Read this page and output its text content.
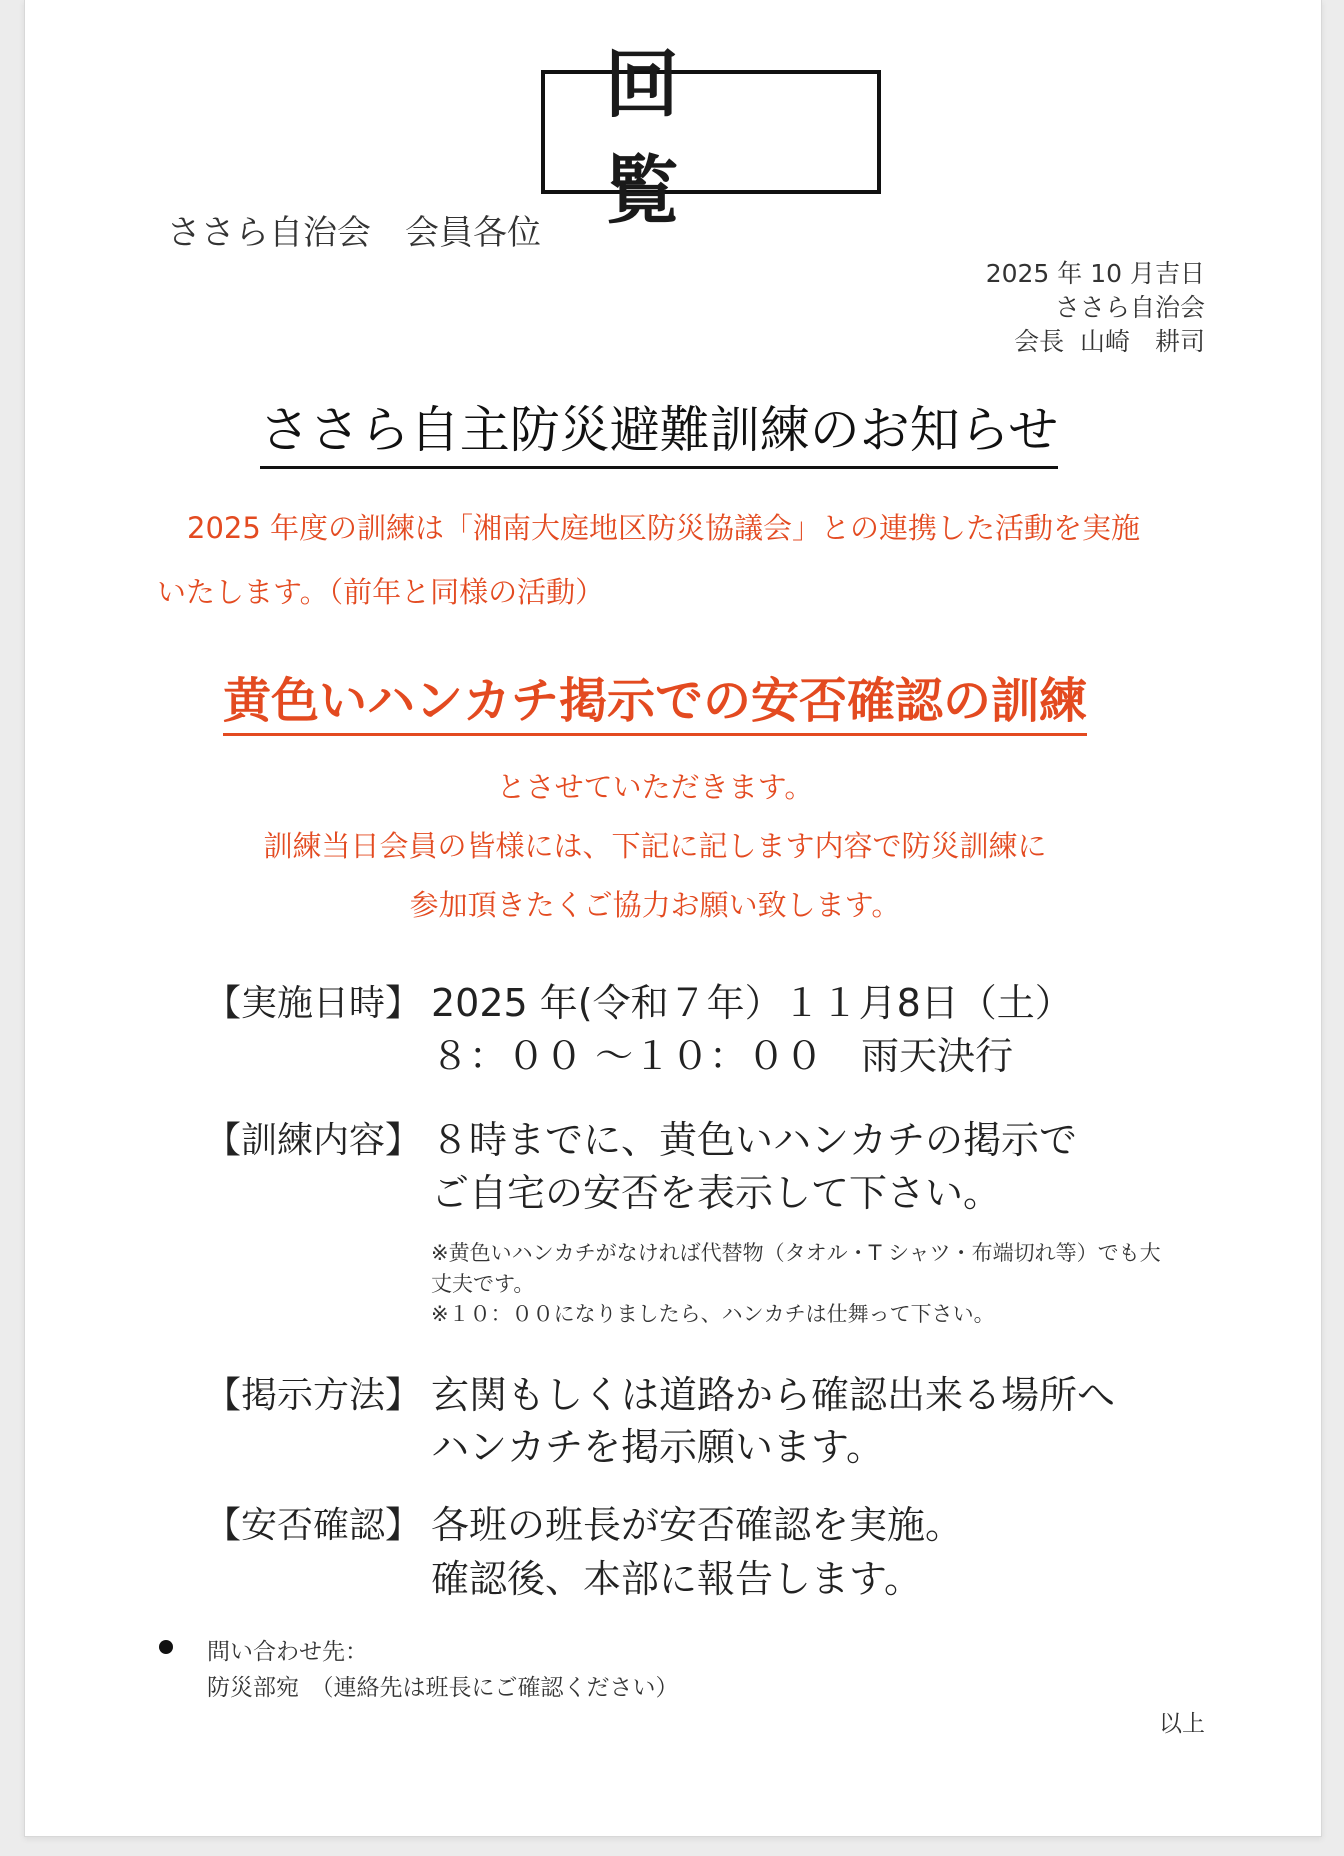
回　覧
ささら自治会　会員各位
2025 年 10 月吉日
ささら自治会
会長 山崎　耕司
ささら自主防災避難訓練のお知らせ
2025 年度の訓練は「湘南大庭地区防災協議会」との連携した活動を実施
いたします。（前年と同様の活動）
黄色いハンカチ掲示での安否確認の訓練
とさせていただきます。
訓練当日会員の皆様には、下記に記します内容で防災訓練に
参加頂きたくご協力お願い致します。
【実施日時】 2025 年(令和７年）１１月8日（土）
８：００ ～１０：００　雨天決行
【訓練内容】 ８時までに、黄色いハンカチの掲示で
ご自宅の安否を表示して下さい。
※黄色いハンカチがなければ代替物（タオル・T シャツ・布端切れ等）でも大
丈夫です。
※１０：００になりましたら、ハンカチは仕舞って下さい。
【掲示方法】 玄関もしくは道路から確認出来る場所へ
ハンカチを掲示願います。
【安否確認】 各班の班長が安否確認を実施。
確認後、本部に報告します。
問い合わせ先：
防災部宛　（連絡先は班長にご確認ください）
以上
